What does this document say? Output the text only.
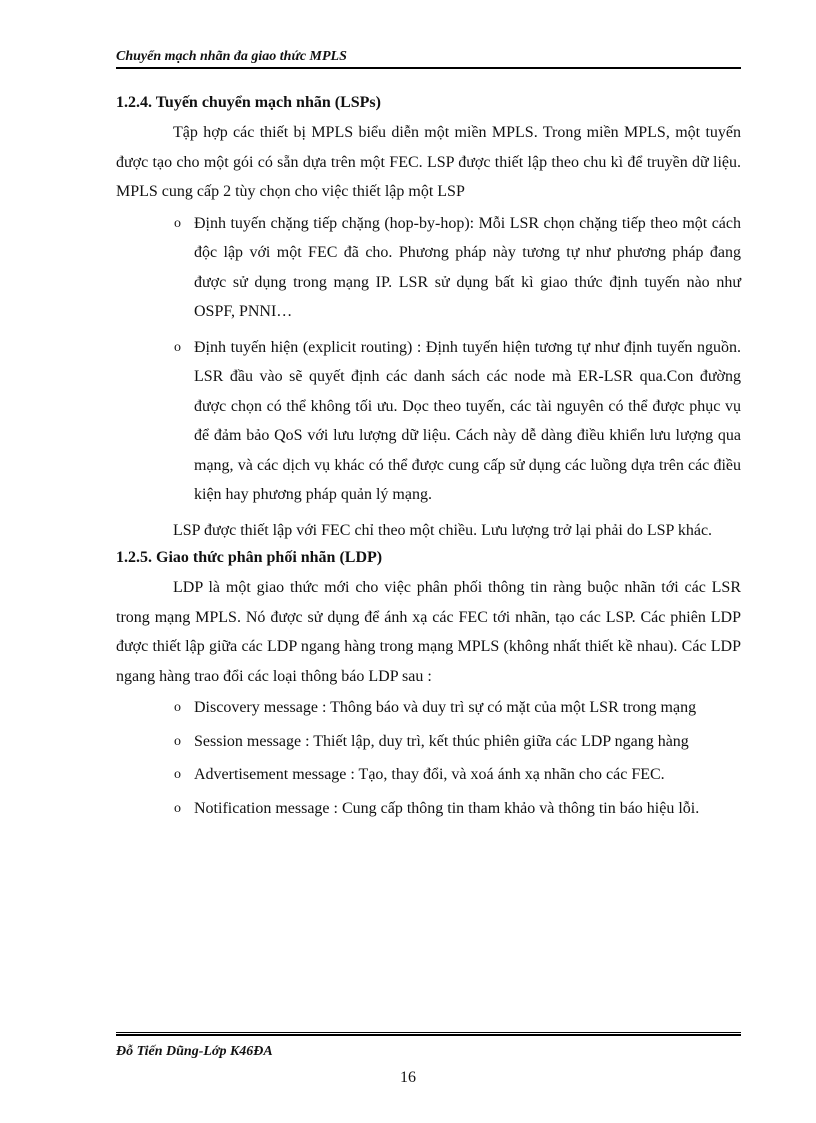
Chuyển mạch nhãn đa giao thức MPLS
1.2.4. Tuyến chuyển mạch nhãn (LSPs)

Tập hợp các thiết bị MPLS biểu diễn một miền MPLS. Trong miền MPLS, một tuyến được tạo cho một gói có sẵn dựa trên một FEC. LSP được thiết lập theo chu kì để truyền dữ liệu. MPLS cung cấp 2 tùy chọn cho việc thiết lập một LSP

o Định tuyến chặng tiếp chặng (hop-by-hop): Mỗi LSR chọn chặng tiếp theo một cách độc lập với một FEC đã cho. Phương pháp này tương tự như phương pháp đang được sử dụng trong mạng IP. LSR sử dụng bất kì giao thức định tuyến nào như OSPF, PNNI…
o Định tuyến hiện (explicit routing) : Định tuyến hiện tương tự như định tuyến nguồn. LSR đầu vào sẽ quyết định các danh sách các node mà ER-LSR qua.Con đường được chọn có thể không tối ưu. Dọc theo tuyến, các tài nguyên có thể được phục vụ để đảm bảo QoS với lưu lượng dữ liệu. Cách này dễ dàng điều khiển lưu lượng qua mạng, và các dịch vụ khác có thể được cung cấp sử dụng các luồng dựa trên các điều kiện hay phương pháp quản lý mạng.

LSP được thiết lập với FEC chỉ theo một chiều. Lưu lượng trở lại phải do LSP khác.

1.2.5. Giao thức phân phối nhãn (LDP)

LDP là một giao thức mới cho việc phân phối thông tin ràng buộc nhãn tới các LSR trong mạng MPLS. Nó được sử dụng để ánh xạ các FEC tới nhãn, tạo các LSP. Các phiên LDP được thiết lập giữa các LDP ngang hàng trong mạng MPLS (không nhất thiết kề nhau). Các LDP ngang hàng trao đổi các loại thông báo LDP sau :

o Discovery message : Thông báo và duy trì sự có mặt của một LSR trong mạng
o Session message : Thiết lập, duy trì, kết thúc phiên giữa các LDP ngang hàng
o Advertisement message : Tạo, thay đổi, và xoá ánh xạ nhãn cho các FEC.
o Notification message : Cung cấp thông tin tham khảo và thông tin báo hiệu lỗi.
Đỗ Tiến Dũng-Lớp K46ĐA
16
